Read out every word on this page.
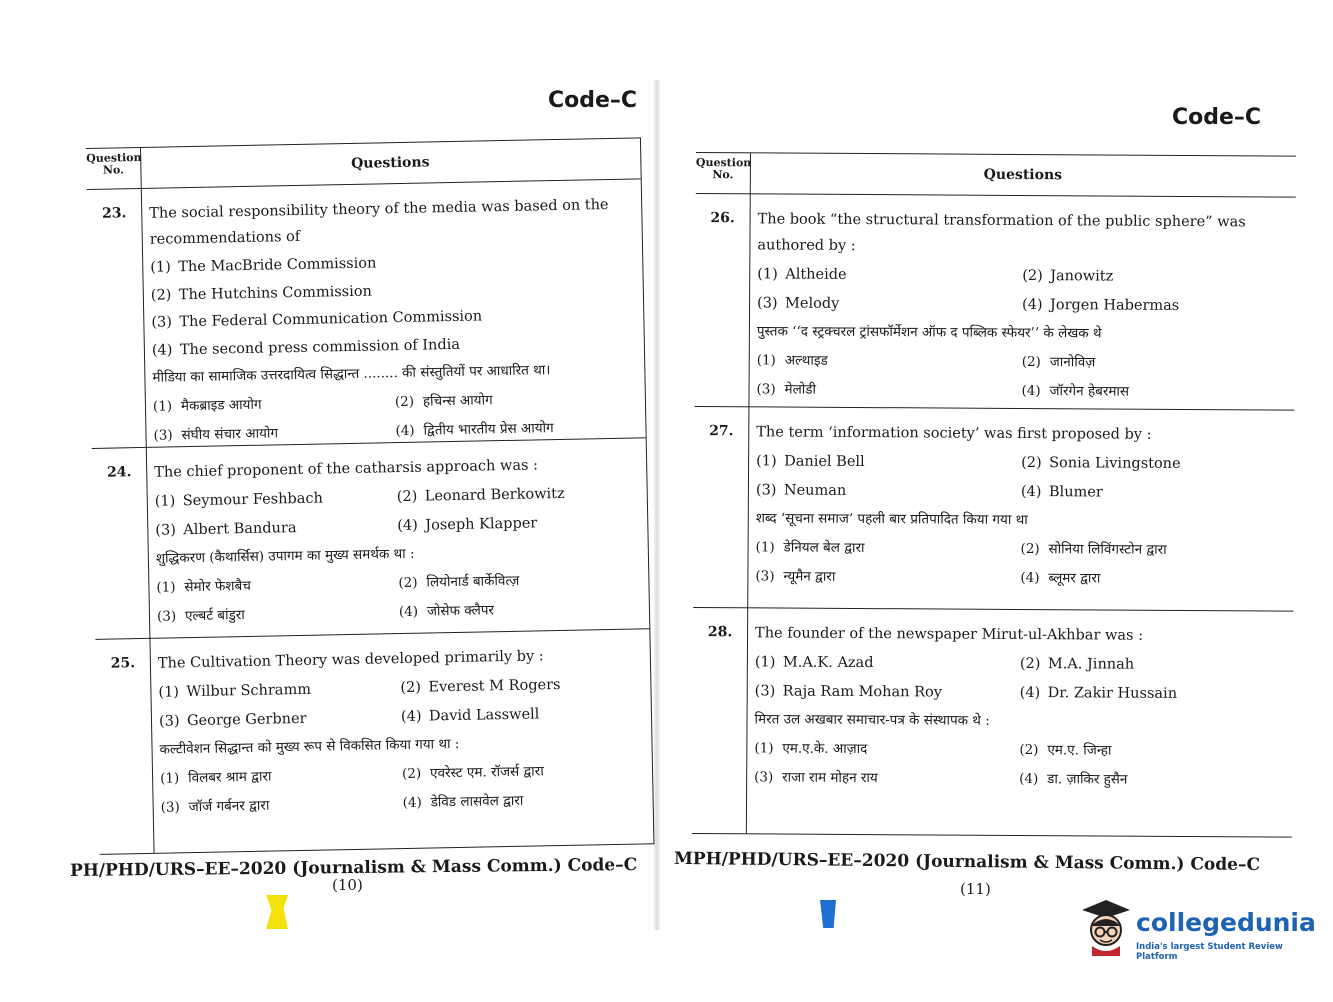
Code–C
Question No.	Questions
23.	The social responsibility theory of the media was based on the recommendations of
(1) The MacBride Commission
(2) The Hutchins Commission
(3) The Federal Communication Commission
(4) The second press commission of India
मीडिया का सामाजिक उत्तरदायित्व सिद्धान्त ........ की संस्तुतियों पर आधारित था।
(1) मैकब्राइड आयोग	(2) हचिन्स आयोग
(3) संघीय संचार आयोग	(4) द्वितीय भारतीय प्रेस आयोग
24.	The chief proponent of the catharsis approach was :
(1) Seymour Feshbach	(2) Leonard Berkowitz
(3) Albert Bandura	(4) Joseph Klapper
शुद्धिकरण (कैथार्सिस) उपागम का मुख्य समर्थक था :
(1) सेमोर फेशबैच	(2) लियोनार्ड बार्केवित्ज़
(3) एल्बर्ट बांडुरा	(4) जोसेफ क्लैपर
25.	The Cultivation Theory was developed primarily by :
(1) Wilbur Schramm	(2) Everest M Rogers
(3) George Gerbner	(4) David Lasswell
कल्टीवेशन सिद्धान्त को मुख्य रूप से विकसित किया गया था :
(1) विलबर श्राम द्वारा	(2) एवरेस्ट एम. रॉजर्स द्वारा
(3) जॉर्ज गर्बनर द्वारा	(4) डेविड लासवेल द्वारा
PH/PHD/URS–EE–2020 (Journalism & Mass Comm.) Code–C
(10)
Code–C
Question No.	Questions
26.	The book “the structural transformation of the public sphere” was authored by :
(1) Altheide	(2) Janowitz
(3) Melody	(4) Jorgen Habermas
पुस्तक ‘‘द स्ट्रक्चरल ट्रांसफॉर्मेशन ऑफ द पब्लिक स्फेयर’’ के लेखक थे
(1) अल्थाइड	(2) जानोविज़
(3) मेलोडी	(4) जॉरगेन हेबरमास
27.	The term ‘information society’ was first proposed by :
(1) Daniel Bell	(2) Sonia Livingstone
(3) Neuman	(4) Blumer
शब्द ‘सूचना समाज’ पहली बार प्रतिपादित किया गया था
(1) डेनियल बेल द्वारा	(2) सोनिया लिविंगस्टोन द्वारा
(3) न्यूमैन द्वारा	(4) ब्लूमर द्वारा
28.	The founder of the newspaper Mirut-ul-Akhbar was :
(1) M.A.K. Azad	(2) M.A. Jinnah
(3) Raja Ram Mohan Roy	(4) Dr. Zakir Hussain
मिरत उल अखबार समाचार-पत्र के संस्थापक थे :
(1) एम.ए.के. आज़ाद	(2) एम.ए. जिन्हा
(3) राजा राम मोहन राय	(4) डा. ज़ाकिर हुसैन
MPH/PHD/URS–EE–2020 (Journalism & Mass Comm.) Code–C
(11)
collegedunia
India's largest Student Review Platform
